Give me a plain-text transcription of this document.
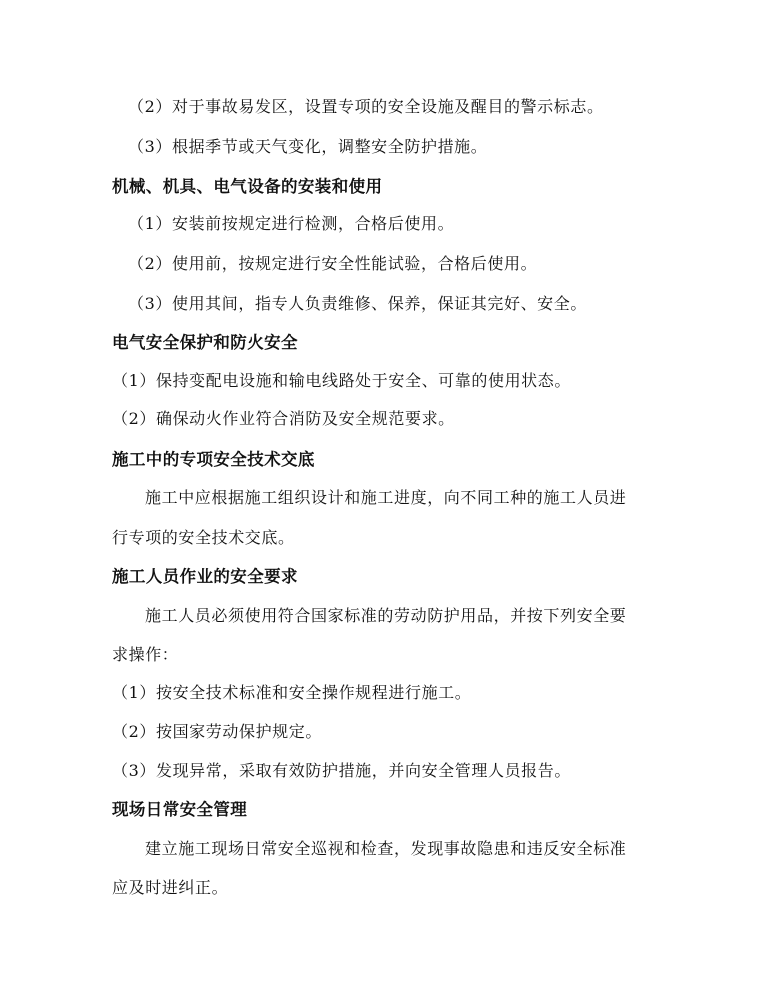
（2）对于事故易发区，设置专项的安全设施及醒目的警示标志。
（3）根据季节或天气变化，调整安全防护措施。
机械、机具、电气设备的安装和使用
（1）安装前按规定进行检测，合格后使用。
（2）使用前，按规定进行安全性能试验，合格后使用。
（3）使用其间，指专人负责维修、保养，保证其完好、安全。
电气安全保护和防火安全
（1）保持变配电设施和输电线路处于安全、可靠的使用状态。
（2）确保动火作业符合消防及安全规范要求。
施工中的专项安全技术交底
施工中应根据施工组织设计和施工进度，向不同工种的施工人员进
行专项的安全技术交底。
施工人员作业的安全要求
施工人员必须使用符合国家标准的劳动防护用品，并按下列安全要
求操作：
（1）按安全技术标准和安全操作规程进行施工。
（2）按国家劳动保护规定。
（3）发现异常，采取有效防护措施，并向安全管理人员报告。
现场日常安全管理
建立施工现场日常安全巡视和检查，发现事故隐患和违反安全标准
应及时进纠正。
